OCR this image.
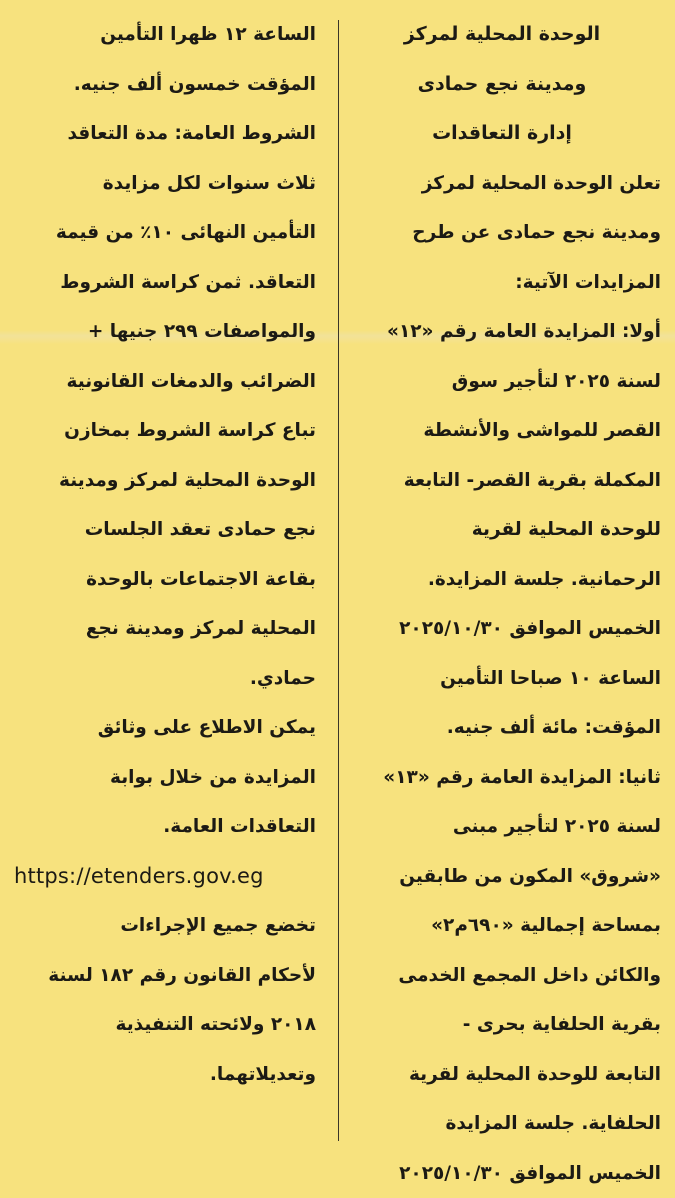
الوحدة المحلية لمركز
ومدينة نجع حمادى
إدارة التعاقدات
تعلن الوحدة المحلية لمركز
ومدينة نجع حمادى عن طرح
المزايدات الآتية:
أولا: المزايدة العامة رقم «١٢»
لسنة ٢٠٢٥ لتأجير سوق
القصر للمواشى والأنشطة
المكملة بقرية القصر- التابعة
للوحدة المحلية لقرية
الرحمانية. جلسة المزايدة.
الخميس الموافق ٢٠٢٥/١٠/٣٠
الساعة ١٠ صباحا التأمين
المؤقت: مائة ألف جنيه.
ثانيا: المزايدة العامة رقم «١٣»
لسنة ٢٠٢٥ لتأجير مبنى
«شروق» المكون من طابقين
بمساحة إجمالية «٦٩٠م٢»
والكائن داخل المجمع الخدمى
بقرية الحلفاية بحرى -
التابعة للوحدة المحلية لقرية
الحلفاية. جلسة المزايدة
الخميس الموافق ٢٠٢٥/١٠/٣٠
الساعة ١٢ ظهرا التأمين
المؤقت خمسون ألف جنيه.
الشروط العامة: مدة التعاقد
ثلاث سنوات لكل مزايدة
التأمين النهائى ١٠٪ من قيمة
التعاقد. ثمن كراسة الشروط
والمواصفات ٢٩٩ جنيها +
الضرائب والدمغات القانونية
تباع كراسة الشروط بمخازن
الوحدة المحلية لمركز ومدينة
نجع حمادى تعقد الجلسات
بقاعة الاجتماعات بالوحدة
المحلية لمركز ومدينة نجع
حمادي.
يمكن الاطلاع على وثائق
المزايدة من خلال بوابة
التعاقدات العامة.
https://etenders.gov.eg
تخضع جميع الإجراءات
لأحكام القانون رقم ١٨٢ لسنة
٢٠١٨ ولائحته التنفيذية
وتعديلاتهما.
